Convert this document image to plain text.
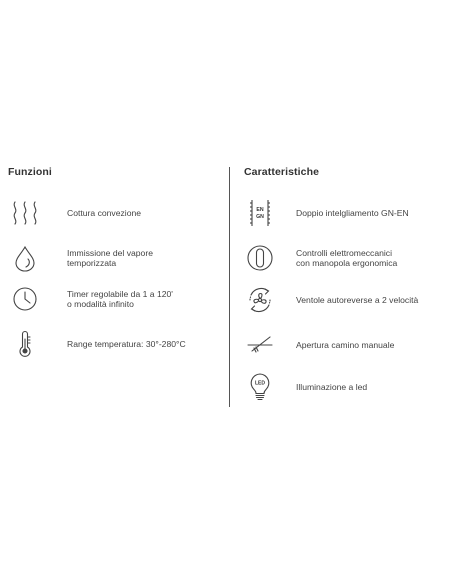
Funzioni	Caratteristiche
Cottura convezione
Immissione del vapore
temporizzata
Timer regolabile da 1 a 120'
o modalità infinito
Range temperatura: 30°-280°C
EN
GN	Doppio intelgliamento GN-EN
Controlli elettromeccanici
con manopola ergonomica
Ventole autoreverse a 2 velocità
Apertura camino manuale
LED	Illuminazione a led
